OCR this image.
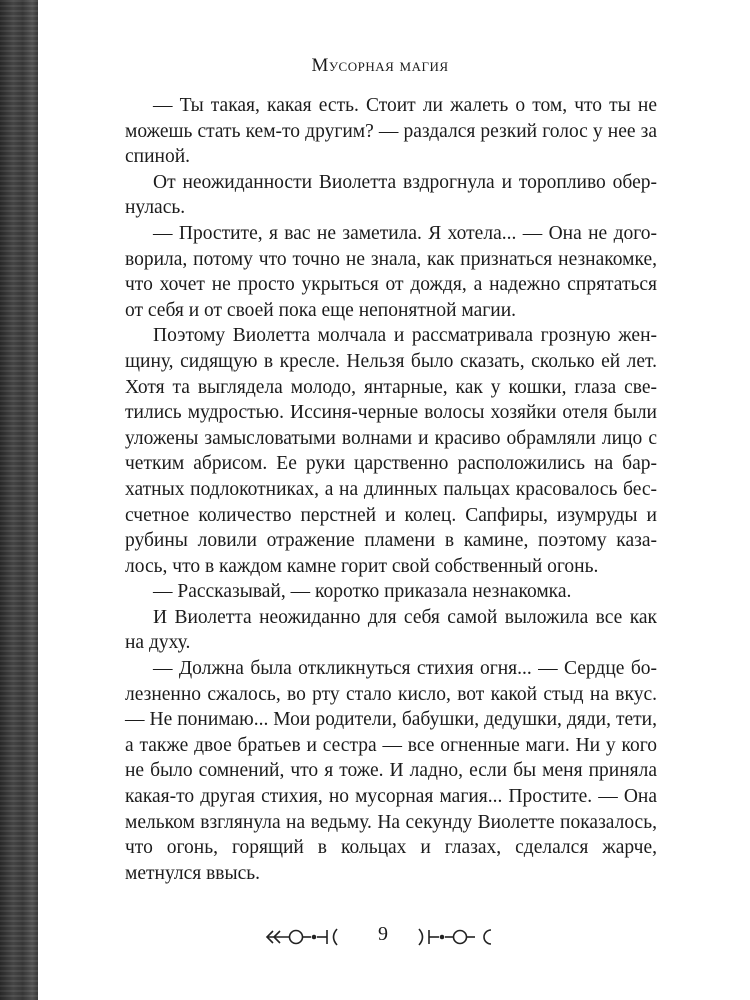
Мусорная магия

— Ты такая, какая есть. Стоит ли жалеть о том, что ты не можешь стать кем-то другим? — раздался резкий голос у нее за спиной.

От неожиданности Виолетта вздрогнула и торопливо обернулась.

— Простите, я вас не заметила. Я хотела... — Она не договорила, потому что точно не знала, как признаться незнакомке, что хочет не просто укрыться от дождя, а надежно спрятаться от себя и от своей пока еще непонятной магии.

Поэтому Виолетта молчала и рассматривала грозную женщину, сидящую в кресле. Нельзя было сказать, сколько ей лет. Хотя та выглядела молодо, янтарные, как у кошки, глаза светились мудростью. Иссиня-черные волосы хозяйки отеля были уложены замысловатыми волнами и красиво обрамляли лицо с четким абрисом. Ее руки царственно расположились на бархатных подлокотниках, а на длинных пальцах красовалось бессчетное количество перстней и колец. Сапфиры, изумруды и рубины ловили отражение пламени в камине, поэтому казалось, что в каждом камне горит свой собственный огонь.

— Рассказывай, — коротко приказала незнакомка.

И Виолетта неожиданно для себя самой выложила все как на духу.

— Должна была откликнуться стихия огня... — Сердце болезненно сжалось, во рту стало кисло, вот какой стыд на вкус. — Не понимаю... Мои родители, бабушки, дедушки, дяди, тети, а также двое братьев и сестра — все огненные маги. Ни у кого не было сомнений, что я тоже. И ладно, если бы меня приняла какая-то другая стихия, но мусорная магия... Простите. — Она мельком взглянула на ведьму. На секунду Виолетте показалось, что огонь, горящий в кольцах и глазах, сделался жарче, метнулся ввысь.

9
